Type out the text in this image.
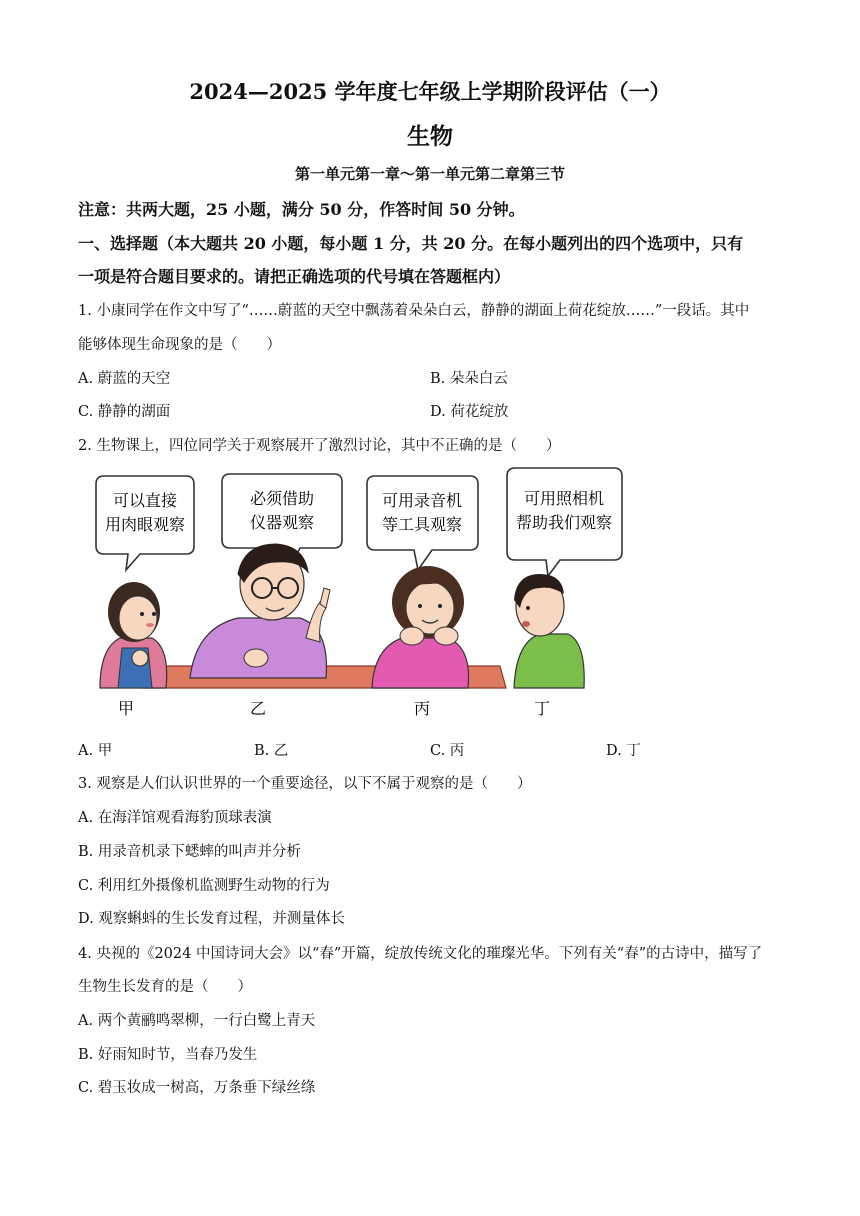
2024—2025 学年度七年级上学期阶段评估（一）
生物
第一单元第一章～第一单元第二章第三节
注意：共两大题，25 小题，满分 50 分，作答时间 50 分钟。
一、选择题（本大题共 20 小题，每小题 1 分，共 20 分。在每小题列出的四个选项中，只有
一项是符合题目要求的。请把正确选项的代号填在答题框内）
1. 小康同学在作文中写了“……蔚蓝的天空中飘荡着朵朵白云，静静的湖面上荷花绽放……”一段话。其中
能够体现生命现象的是（　　）
A. 蔚蓝的天空	B. 朵朵白云
C. 静静的湖面	D. 荷花绽放
2. 生物课上，四位同学关于观察展开了激烈讨论，其中不正确的是（　　）
可以直接
用肉眼观察
必须借助
仪器观察
可用录音机
等工具观察
可用照相机
帮助我们观察
甲	乙	丙	丁
A. 甲	B. 乙	C. 丙	D. 丁
3. 观察是人们认识世界的一个重要途径，以下不属于观察的是（　　）
A. 在海洋馆观看海豹顶球表演
B. 用录音机录下蟋蟀的叫声并分析
C. 利用红外摄像机监测野生动物的行为
D. 观察蝌蚪的生长发育过程，并测量体长
4. 央视的《2024 中国诗词大会》以“春”开篇，绽放传统文化的璀璨光华。下列有关“春”的古诗中，描写了
生物生长发育的是（　　）
A. 两个黄鹂鸣翠柳，一行白鹭上青天
B. 好雨知时节，当春乃发生
C. 碧玉妆成一树高，万条垂下绿丝绦
